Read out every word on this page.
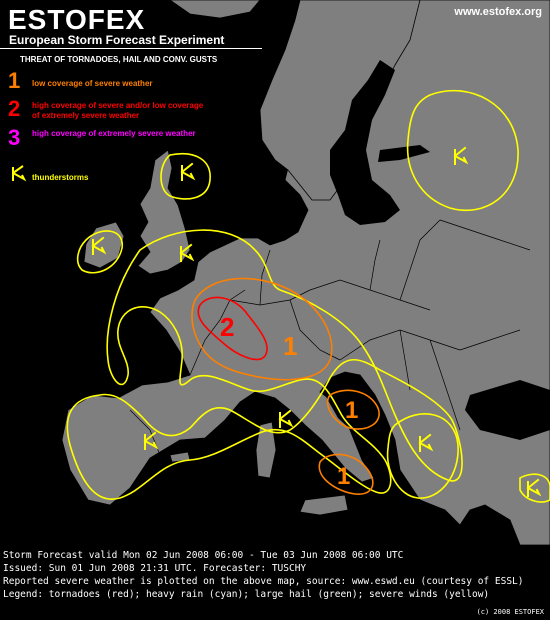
1
1
1
2
ESTOFEX
European Storm Forecast Experiment
www.estofex.org
THREAT OF TORNADOES, HAIL AND CONV. GUSTS
1 low coverage of severe weather
2 high coverage of severe and/or low coverage of extremely severe weather
3 high coverage of extremely severe weather
thunderstorms
Storm Forecast valid Mon 02 Jun 2008 06:00 - Tue 03 Jun 2008 06:00 UTC
Issued: Sun 01 Jun 2008 21:31 UTC. Forecaster: TUSCHY
Reported severe weather is plotted on the above map, source: www.eswd.eu (courtesy of ESSL)
Legend: tornadoes (red); heavy rain (cyan); large hail (green); severe winds (yellow)
(c) 2008 ESTOFEX
